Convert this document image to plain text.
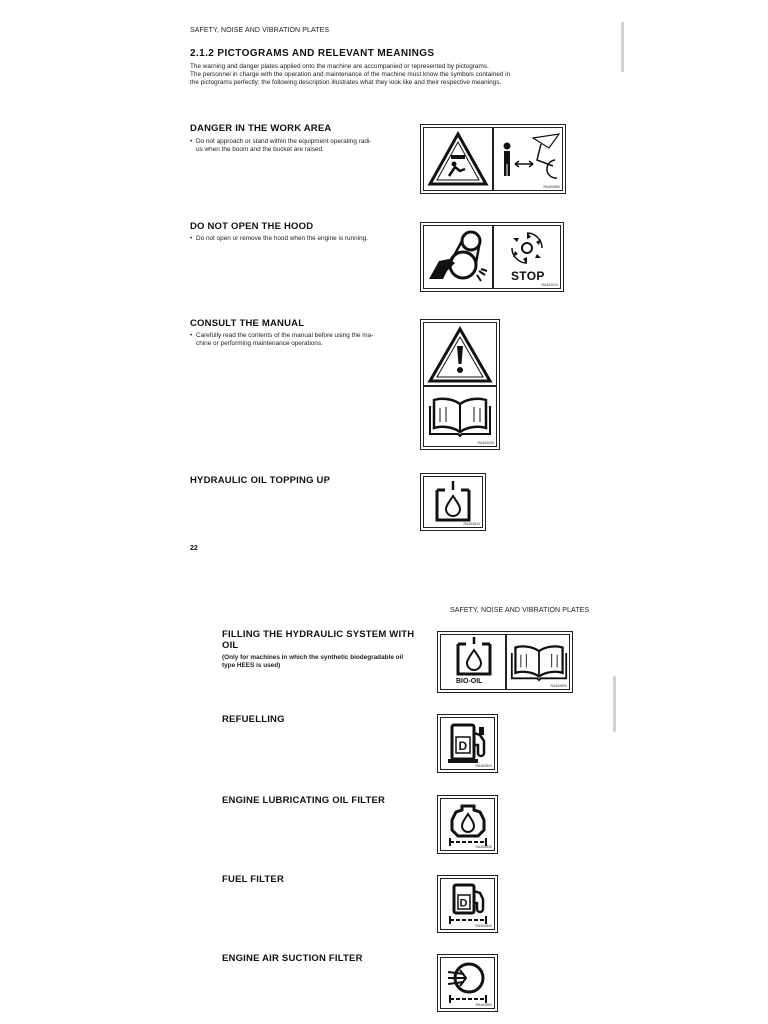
SAFETY, NOISE AND VIBRATION PLATES
2.1.2 PICTOGRAMS AND RELEVANT MEANINGS
The warning and danger plates applied onto the machine are accompanied or represented by pictograms.
The personnel in charge with the operation and maintenance of the machine must know the symbols contained in
the pictograms perfectly; the following description illustrates what they look like and their respective meanings.
DANGER IN THE WORK AREA
• Do not approach or stand within the equipment operating radi-
us when the boom and the bucket are raised.
RA400850
DO NOT OPEN THE HOOD
• Do not open or remove the hood when the engine is running.
STOP
RA400510
CONSULT THE MANUAL
• Carefully read the contents of the manual before using the ma-
chine or performing maintenance operations.
RA400030
HYDRAULIC OIL TOPPING UP
RA400810
22
SAFETY, NOISE AND VIBRATION PLATES
FILLING THE HYDRAULIC SYSTEM WITH
OIL
(Only for machines in which the synthetic biodegradable oil
type HEES is used)
BIO-OIL
RA400890
REFUELLING
D
RA400820
ENGINE LUBRICATING OIL FILTER
RA400830
FUEL FILTER
D
RA400840
ENGINE AIR SUCTION FILTER
RA400860
